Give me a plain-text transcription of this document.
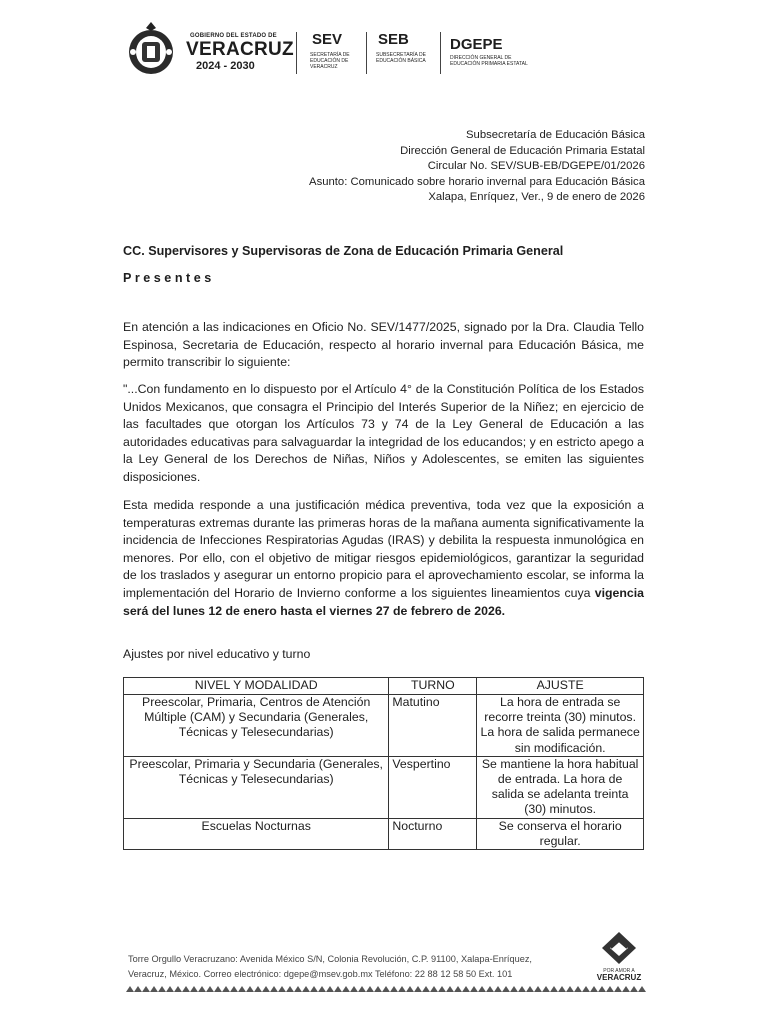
GOBIERNO DEL ESTADO DE
VERACRUZ
2024 - 2030
SEV
SECRETARÍA DE EDUCACIÓN DE VERACRUZ
SEB
SUBSECRETARÍA DE EDUCACIÓN BÁSICA
DGEPE
DIRECCIÓN GENERAL DE EDUCACIÓN PRIMARIA ESTATAL
Subsecretaría de Educación Básica
Dirección General de Educación Primaria Estatal
Circular No. SEV/SUB-EB/DGEPE/01/2026
Asunto: Comunicado sobre horario invernal para Educación Básica
Xalapa, Enríquez, Ver., 9 de enero de 2026
CC. Supervisores y Supervisoras de Zona de Educación Primaria General
Presentes
En atención a las indicaciones en Oficio No. SEV/1477/2025, signado por la Dra. Claudia Tello Espinosa, Secretaria de Educación, respecto al horario invernal para Educación Básica, me permito transcribir lo siguiente:
"...Con fundamento en lo dispuesto por el Artículo 4° de la Constitución Política de los Estados Unidos Mexicanos, que consagra el Principio del Interés Superior de la Niñez; en ejercicio de las facultades que otorgan los Artículos 73 y 74 de la Ley General de Educación a las autoridades educativas para salvaguardar la integridad de los educandos; y en estricto apego a la Ley General de los Derechos de Niñas, Niños y Adolescentes, se emiten las siguientes disposiciones.
Esta medida responde a una justificación médica preventiva, toda vez que la exposición a temperaturas extremas durante las primeras horas de la mañana aumenta significativamente la incidencia de Infecciones Respiratorias Agudas (IRAS) y debilita la respuesta inmunológica en menores. Por ello, con el objetivo de mitigar riesgos epidemiológicos, garantizar la seguridad de los traslados y asegurar un entorno propicio para el aprovechamiento escolar, se informa la implementación del Horario de Invierno conforme a los siguientes lineamientos cuya vigencia será del lunes 12 de enero hasta el viernes 27 de febrero de 2026.
Ajustes por nivel educativo y turno
NIVEL Y MODALIDAD	TURNO	AJUSTE
Preescolar, Primaria, Centros de Atención Múltiple (CAM) y Secundaria (Generales, Técnicas y Telesecundarias)	Matutino	La hora de entrada se recorre treinta (30) minutos. La hora de salida permanece sin modificación.
Preescolar, Primaria y Secundaria (Generales, Técnicas y Telesecundarias)	Vespertino	Se mantiene la hora habitual de entrada. La hora de salida se adelanta treinta (30) minutos.
Escuelas Nocturnas	Nocturno	Se conserva el horario regular.
Torre Orgullo Veracruzano: Avenida México S/N, Colonia Revolución, C.P. 91100, Xalapa-Enríquez,
Veracruz, México. Correo electrónico: dgepe@msev.gob.mx Teléfono: 22 88 12 58 50 Ext. 101	POR AMOR A
VERACRUZ
